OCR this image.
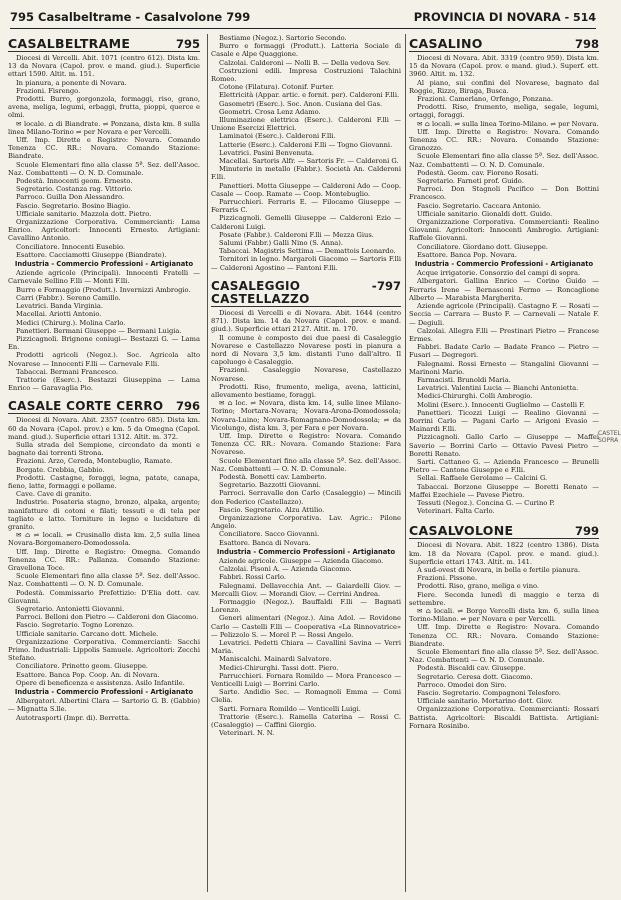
795 Casalbeltrame - Casalvolone 799	PROVINCIA DI NOVARA - 514
CASALBELTRAME	795

Diocesi di Vercelli. Abit. 1071 (centro 612). Dista km. 13 da Novara (Capol. prov. e mand. giud.). Superficie ettari 1590. Altit. m. 151.

In pianura, a ponente di Novara.

Frazioni. Fisrengo.

Prodotti. Burro, gorgonzola, formaggi, riso, grano, avena, meliga, legumi, erbaggi, frutta, pioppi, querce e olmi.

✉ locale. ⌂ di Biandrate. ⇌ Ponzana, dista km. 8 sulla linea Milano-Torino ⇌ per Novara e per Vercelli.

Uff. Imp. Dirette e Registro: Novara. Comando Tenenza CC. RR.: Novara. Comando Stazione: Biandrate.

Scuole Elementari fino alla classe 5ª. Sez. dell'Assoc. Naz. Combattenti — O. N. D. Comunale.

Podestà. Innocenti geom. Ernesto.

Segretario. Costanza rag. Vittorio.

Parroco. Guilla Don Alessandro.

Fascio. Segretario. Bosino Biagio.

Ufficiale sanitario. Mazzola dott. Pietro.

Organizzazione Corporativa. Commercianti: Lama Enrico. Agricoltori: Innocenti Ernesto. Artigiani: Cavallino Antonio.

Conciliatore. Innocenti Eusebio.

Esattore. Cacciamotti Giuseppe (Biandrate).

Industria - Commercio Professioni - Artigianato

Aziende agricole (Principali). Innocenti Fratelli — Carnevale Sellino F.lli — Monti F.lli.

Burro e Formaggio (Produtt.). Invernizzi Ambrogio.

Carri (Fabbr.). Sereno Camillo.

Levatrici. Banda Virginia.

Macellai. Ariotti Antonio.

Medici (Chirurg.). Molina Carlo.

Panettieri. Bermani Giuseppe — Bermani Luigia.

Pizzicagnoli. Brignone coniugi— Bestazzi G. — Lama En.

Prodotti agricoli (Negoz.). Soc. Agricola alto Novarese — Innocenti F.lli — Carnevale F.lli.

Tabaccai. Bermani Francesco.

Trattorie (Eserc.). Bestazzi Giuseppina — Lama Enrico — Garavaglia Pio.

CASALE CORTE CERRO 796

Diocesi di Novara. Abit. 2357 (centro 685). Dista km. 60 da Novara (Capol. prov.) e km. 5 da Omegna (Capol. mand. giud.). Superficie ettari 1312. Altit. m. 372.

Sulla strada del Sempione, circondato da monti e bagnato dai torrenti Strona.

Frazioni. Arzo, Cereda, Montebuglio, Ramate.

Borgate. Crebbia, Gabbio.

Prodotti. Castagne, foraggi, legna, patate, canapa, fieno, latte, formaggi e pollame.

Cave. Cave di granito.

Industrie. Posateria stagno, bronzo, alpaka, argento; manifatture di cotoni e filati; tessuti e di tela per tagliato e latto. Torniture in legno e lucidature di granito.

✉ ⌂ ⇌ locali. ⇌ Crusinallo dista km. 2,5 sulla linea Novara-Borgomanero-Domodossola.

Uff. Imp. Dirette e Registro: Omegna. Comando Tenenza CC. RR.: Pallanza. Comando Stazione: Gravellona Toce.

Scuole Elementari fino alla classe 5ª. Sez. dell'Assoc. Naz. Combattenti — O. N. D. Comunale.

Podestà. Commissario Prefettizio: D'Elia dott. cav. Giovanni.

Segretario. Antonietti Giovanni.

Parroci. Belloni don Pietro — Calderoni don Giacomo.

Fascio. Segretario. Togno Lorenzo.

Ufficiale sanitario. Carcano dott. Michele.

Organizzazione Corporativa. Commercianti: Sacchi Primo. Industriali: Lippolis Samuele. Agricoltori: Zecchi Stefano.

Conciliatore. Prinetto geom. Giuseppe.

Esattore. Banca Pop. Coop. An. di Novara.

Opere di beneficenza e assistenza. Asilo Infantile.

Industria - Commercio Professioni - Artigianato

Albergatori. Albertini Clara — Sartorio G. B. (Gabbio) — Mignatta S.lle.

Autotrasporti (Impr. di). Berretta.

Bestiame (Negoz.). Sartorio Secondo.

Burro e formaggi (Produtt.). Latteria Sociale di Casale e Alpe Quaggione.

Calzolai. Calderoni — Nolli B. — Della vedova Sev.

Costruzioni edili. Impresa Costruzioni Talachini Romeo.

Cotone (Filatura). Cotonif. Furter.

Elettricità (Appar. artic. e fornit. per). Calderoni F.lli.

Gasometri (Eserc.). Soc. Anon. Cusiana del Gas.

Geometri. Crosa Lenz Adamo.

Illuminazione elettrica (Eserc.). Calderoni F.lli — Unione Esercizi Elettrici.

Laminatoi (Eserc.). Calderoni F.lli.

Latterie (Eserc.). Calderoni F.lli — Togno Giovanni.

Levatrici. Pasini Benvenuta.

Macellai. Sartoris Alfr. — Sartoris Fr. — Calderoni G.

Minuterie in metallo (Fabbr.). Società An. Calderoni F.lli.

Panettieri. Motta Giuseppe — Calderoni Ado — Coop. Casale — Coop. Ramate — Coop. Montebuglio.

Parrucchieri. Ferraris E. — Filocamo Giuseppe — Ferraris C.

Pizzicagnoli. Gemelli Giuseppe — Calderoni Ezio — Calderoni Luigi.

Posate (Fabbr.). Calderoni F.lli — Mezza Gius.

Salumi (Fabbr.) Galli Nino (S. Anna).

Tabaccai. Magistris Settima — Demattois Leonardo.

Tornitori in legno. Margaroli Giacomo — Sartoris F.lli — Calderoni Agostino — Fantoni F.lli.

CASALEGGIO - CASTELLAZZO
797

Diocesi di Vercelli e di Novara. Abit. 1644 (centro 871). Dista km. 14 da Novara (Capol. prov. e mand. giud.). Superficie ettari 2127. Altit. m. 170.

Il comune è composto dei due paesi di Casaleggio Novarese e Castellazzo Novarese posti in pianura a nord di Novara 3,5 km. distanti l'uno dall'altro. Il capoluogo è Casaleggio.

Frazioni. Casaleggio Novarese, Castellazzo Novarese.

Prodotti. Riso, frumento, meliga, avena, latticini, allevamento bestiame, foraggi.

✉ ⌂ loc. ⇌ Novara, dista km. 14, sulle linee Milano-Torino; Mortara-Novara; Novara-Arona-Domodossola; Novara-Luino; Novara-Romagnano-Domodossola; ⇌ da Vicolungo, dista km. 3, per Fara e per Novara.

Uff. Imp. Dirette e Registro: Novara. Comando Tenenza CC. RR.: Novara. Comando Stazione: Fara Novarese.

Scuole Elementari fino alla classe 5ª. Sez. dell'Assoc. Naz. Combattenti — O. N. D. Comunale.

Podestà. Bonetti cav. Lamberto.

Segretario. Bazzotti Giovanni.

Parroci. Serravalle don Carlo (Casaleggio) — Mincili don Federico (Castellazzo).

Fascio. Segretario. Alzu Attilio.

Organizzazione Corporativa. Lav. Agric.: Pilone Angelo.

Conciliatore. Sacco Giovanni.

Esattore. Banca di Novara.

Industria - Commercio Professioni - Artigianato

Aziende agricole. Giuseppe — Azienda Giacomo.

Calzolai. Pisoni A. — Azienda Giacomo.

Fabbri. Rossi Carlo.

Falegnami. Dellavecchia Ant. — Gaiardelli Giov. — Mercalli Giov. — Morandi Giov. — Cerrini Andrea.

Formaggio (Negoz.). Bauffaldi F.lli — Bagnati Lorenzo.

Generi alimentari (Negoz.). Aina Adol. — Rovidone Carlo — Castelli F.lli — Cooperativa «La Rinnovatrice» — Pelizzolo S. — Morel P. — Rossi Angelo.

Levatrici. Pedetti Chiara — Cavallini Savina — Verri Maria.

Maniscalchi. Mainardi Salvatore.

Medici-Chirurghi. Tassi dott. Piero.

Parrucchieri. Fornara Romildo — Mora Francesco — Venticelli Luigi — Borrini Carlo.

Sarte. Andidio Sec. — Romagnoli Emma — Comi Clelia.

Sarti. Fornara Romildo — Venticelli Luigi.

Trattorie (Eserc.). Ramella Caterina — Rossi C. (Casaleggio) — Caffini Giorgio.

Veterinari. N. N.

CASALINO	798

Diocesi di Novara. Abit. 3319 (centro 959). Dista km. 15 da Novara (Capol. prov. e mand. giud.). Superf. ett. 3960. Altit. m. 132.

Al piano, sui confini del Novarese, bagnato dal Roggie, Rizzo, Biraga, Busca.

Frazioni. Camerlano, Orfengo, Ponzana.

Prodotti. Riso, frumento, meliga, segale, legumi, ortaggi, foraggi.

✉ ⌂ locali. ⇌ sulla linea Torino-Milano. ⇌ per Novara.

Uff. Imp. Dirette e Registro: Novara. Comando Tenenza CC. RR.: Novara. Comando Stazione: Granozzo.

Scuole Elementari fino alla classe 5ª. Sez. dell'Assoc. Naz. Combattenti — O. N. D. Comunale.

Podestà. Geom. cav. Fioreno Rosati.

Segretario. Farneti prof. Guido.

Parroci. Don Stagnoli Pacifico — Don Bottini Francesco.

Fascio. Segretario. Caccara Antonio.

Ufficiale sanitario. Gionaldi dott. Guido.

Organizzazione Corporativa. Commercianti: Realino Giovanni. Agricoltori: Innocenti Ambrogio. Artigiani: Raffele Giovanni.

Conciliatore. Giordano dott. Giuseppe.

Esattore. Banca Pop. Novara.

Industria - Commercio Professioni - Artigianato

Acque irrigatorie. Consorzio del campi di sopra.

Albergatori. Gallina Enrico — Corino Guido — Ferraris Irene — Bernasconi Fermo — Roncaglione Alberto — Marabista Margherita.

Aziende agricole (Principali). Castagno F. — Rosati — Seccia — Carrara — Busto F. — Carnevali — Natale F. — Degiuli.

Calzolai. Allegra F.lli — Prestinari Pietro — Francese Ermes.

Fabbri. Badate Carlo — Badate Franco — Pietro — Fusari — Degregori.

Falegnami. Rossi Ernesto — Stangalini Giovanni — Marinoni Mario.

Farmacisti. Brunoldi Maria.

Levatrici. Valentini Lucia — Bianchi Antonietta.

Medici-Chirurghi. Colli Ambrogio.

Molini (Eserc.). Innocenti Guglielmo — Castelli F.

Panettieri. Ticozzi Luigi — Realino Giovanni — Borrini Carlo — Pagani Carlo — Arigoni Evasio — Mainardi F.lli.

Pizzicagnoli. Gallo Carlo — Giuseppe — Maffei Saverio — Borrini Carlo — Ottavio Pavesi Pietro — Boretti Renato.

Sarti. Cattaneo G. — Azienda Francesco — Brunelli Pietro — Cantone Giuseppe e F.lli.

Sellai. Raffaele Gerolamo — Calcini G.

Tabaccai. Borzone Giuseppe — Boretti Renato — Maffei Ezechiele — Pavese Pietro.

Tessuti (Negoz.). Concina G. — Curino P.

Veterinari. Falta Carlo.

CASALVOLONE	799

Diocesi di Novara. Abit. 1822 (centro 1386). Dista km. 18 da Novara (Capol. prov. e mand. giud.). Superficie ettari 1743. Altit. m. 141.

A sud-ovest di Novara, in bella e fertile pianura.

Frazioni. Pissone.

Prodotti. Riso, grano, meliga e vino.

Fiere. Seconda lunedì di maggio e terza di settembre.

✉ ⌂ locali. ⇌ Borgo Vercelli dista km. 6, sulla linea Torino-Milano. ⇌ per Novara e per Vercelli.

Uff. Imp. Dirette e Registro: Novara. Comando Tenenza CC. RR.: Novara. Comando Stazione: Biandrate.

Scuole Elementari fino alla classe 5ª. Sez. dell'Assoc. Naz. Combattenti — O. N. D. Comunale.

Podestà. Biscaldi cav. Giuseppe.

Segretario. Ceresa dott. Giacomo.

Parroco. Omodei don Siro.

Fascio. Segretario. Compagnoni Telesforo.

Ufficiale sanitario. Mortarino dott. Giov.

Organizzazione Corporativa. Commercianti: Rossari Battista. Agricoltori: Biscaldi Battista. Artigiani: Fornara Rosinibo.

CASTEL SOPRA
